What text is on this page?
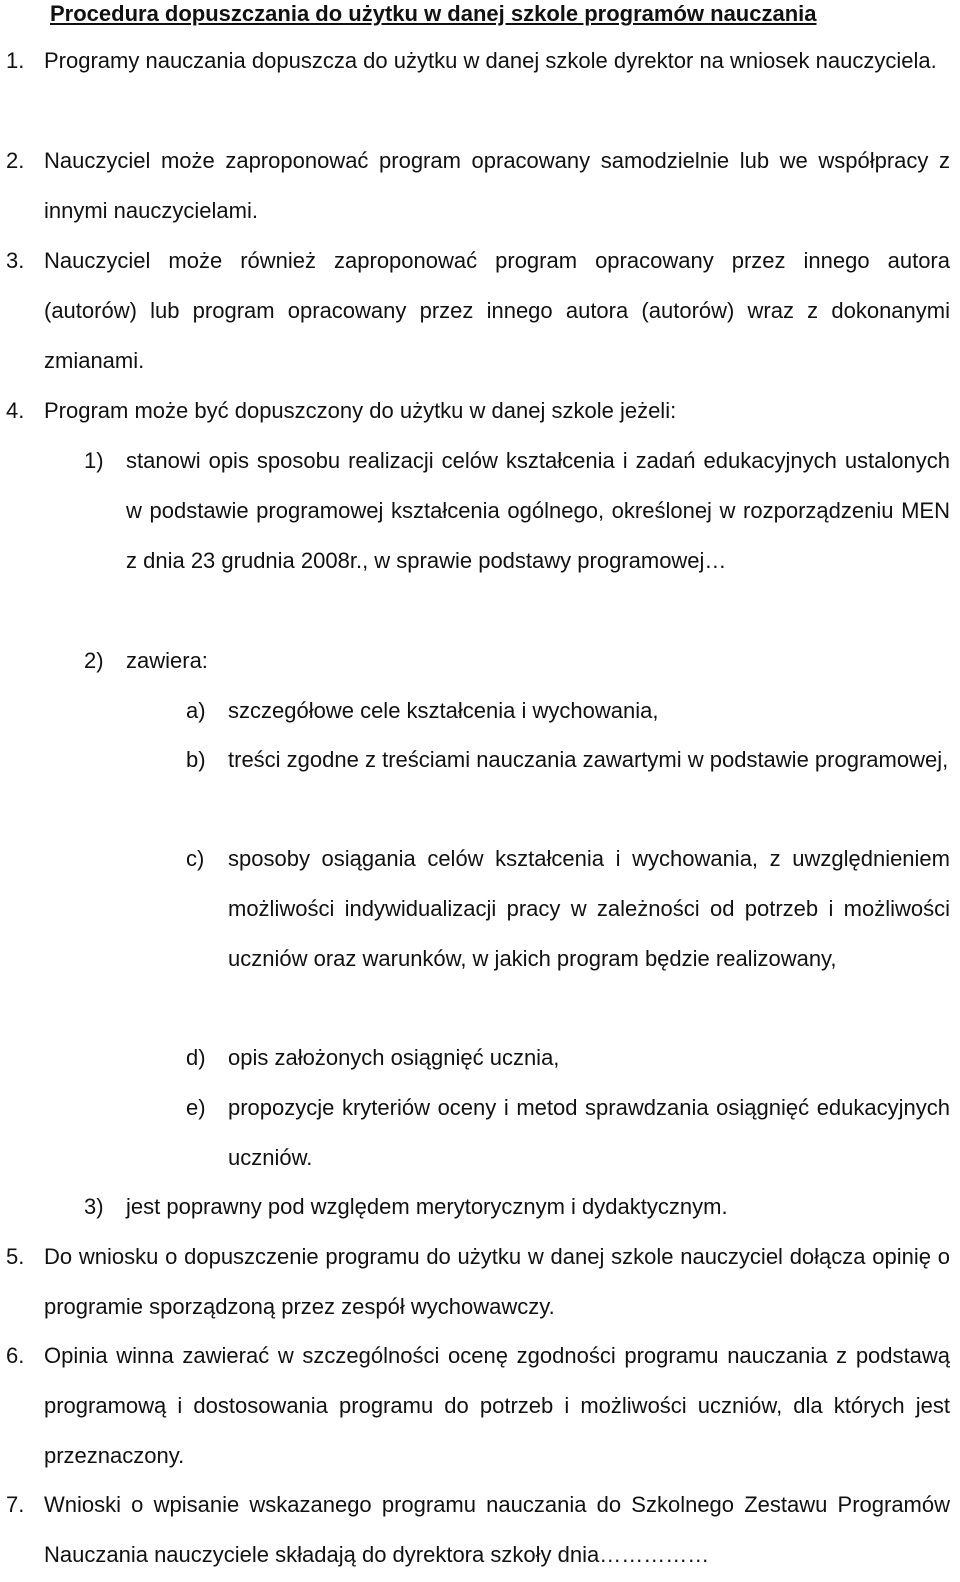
Procedura dopuszczania do użytku w danej szkole programów nauczania
1. Programy nauczania dopuszcza do użytku w danej szkole dyrektor na wniosek nauczyciela.
2. Nauczyciel może zaproponować program opracowany samodzielnie lub we współpracy z innymi nauczycielami.
3. Nauczyciel może również zaproponować program opracowany przez innego autora (autorów) lub program opracowany przez innego autora (autorów) wraz z dokonanymi zmianami.
4. Program może być dopuszczony do użytku w danej szkole jeżeli:
1) stanowi opis sposobu realizacji celów kształcenia i zadań edukacyjnych ustalonych w podstawie programowej kształcenia ogólnego, określonej w rozporządzeniu MEN z dnia 23 grudnia 2008r., w sprawie podstawy programowej…
2) zawiera:
a) szczegółowe cele kształcenia i wychowania,
b) treści zgodne z treściami nauczania zawartymi w podstawie programowej,
c) sposoby osiągania celów kształcenia i wychowania, z uwzględnieniem możliwości indywidualizacji pracy w zależności od potrzeb i możliwości uczniów oraz warunków, w jakich program będzie realizowany,
d) opis założonych osiągnięć ucznia,
e) propozycje kryteriów oceny i metod sprawdzania osiągnięć edukacyjnych uczniów.
3) jest poprawny pod względem merytorycznym i dydaktycznym.
5. Do wniosku o dopuszczenie programu do użytku w danej szkole nauczyciel dołącza opinię o programie sporządzoną przez zespół wychowawczy.
6. Opinia winna zawierać w szczególności ocenę zgodności programu nauczania z podstawą programową i dostosowania programu do potrzeb i możliwości uczniów, dla których jest przeznaczony.
7. Wnioski o wpisanie wskazanego programu nauczania do Szkolnego Zestawu Programów Nauczania nauczyciele składają do dyrektora szkoły dnia……………
